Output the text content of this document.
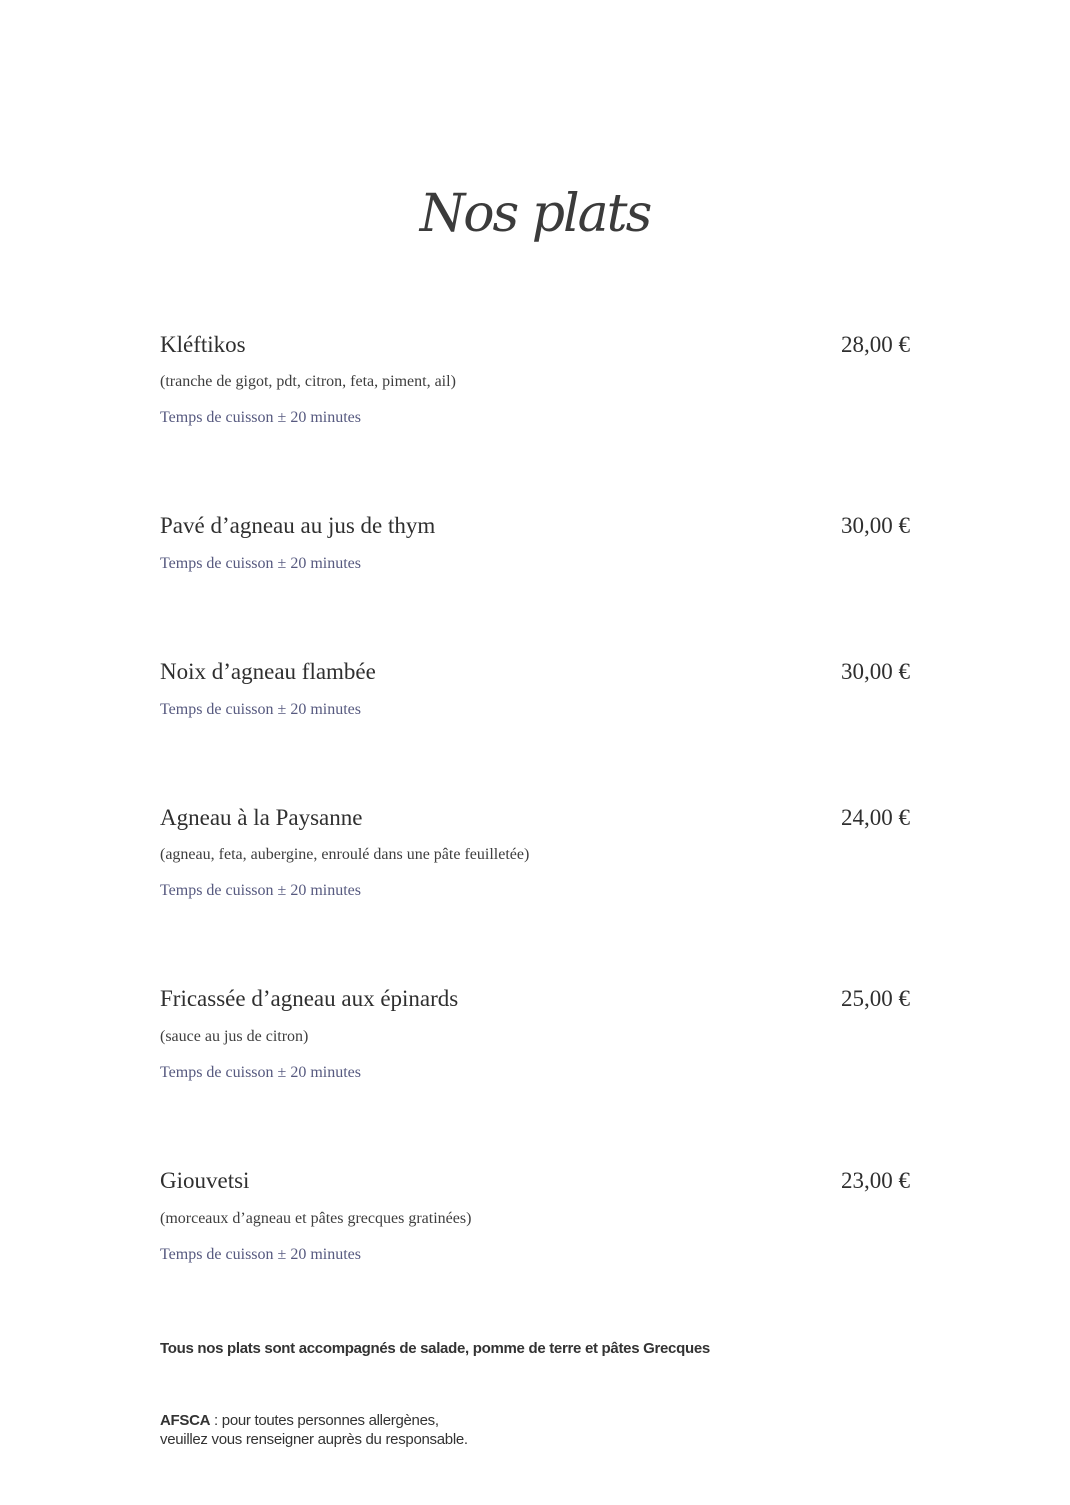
Nos plats
Kléftikos	28,00 €
(tranche de gigot, pdt, citron, feta, piment, ail)
Temps de cuisson ± 20 minutes
Pavé d’agneau au jus de thym	30,00 €
Temps de cuisson ± 20 minutes
Noix d’agneau flambée	30,00 €
Temps de cuisson ± 20 minutes
Agneau à la Paysanne	24,00 €
(agneau, feta, aubergine, enroulé dans une pâte feuilletée)
Temps de cuisson ± 20 minutes
Fricassée d’agneau aux épinards	25,00 €
(sauce au jus de citron)
Temps de cuisson ± 20 minutes
Giouvetsi	23,00 €
(morceaux d’agneau et pâtes grecques gratinées)
Temps de cuisson ± 20 minutes
Tous nos plats sont accompagnés de salade, pomme de terre et pâtes Grecques
AFSCA : pour toutes personnes allergènes,
veuillez vous renseigner auprès du responsable.
